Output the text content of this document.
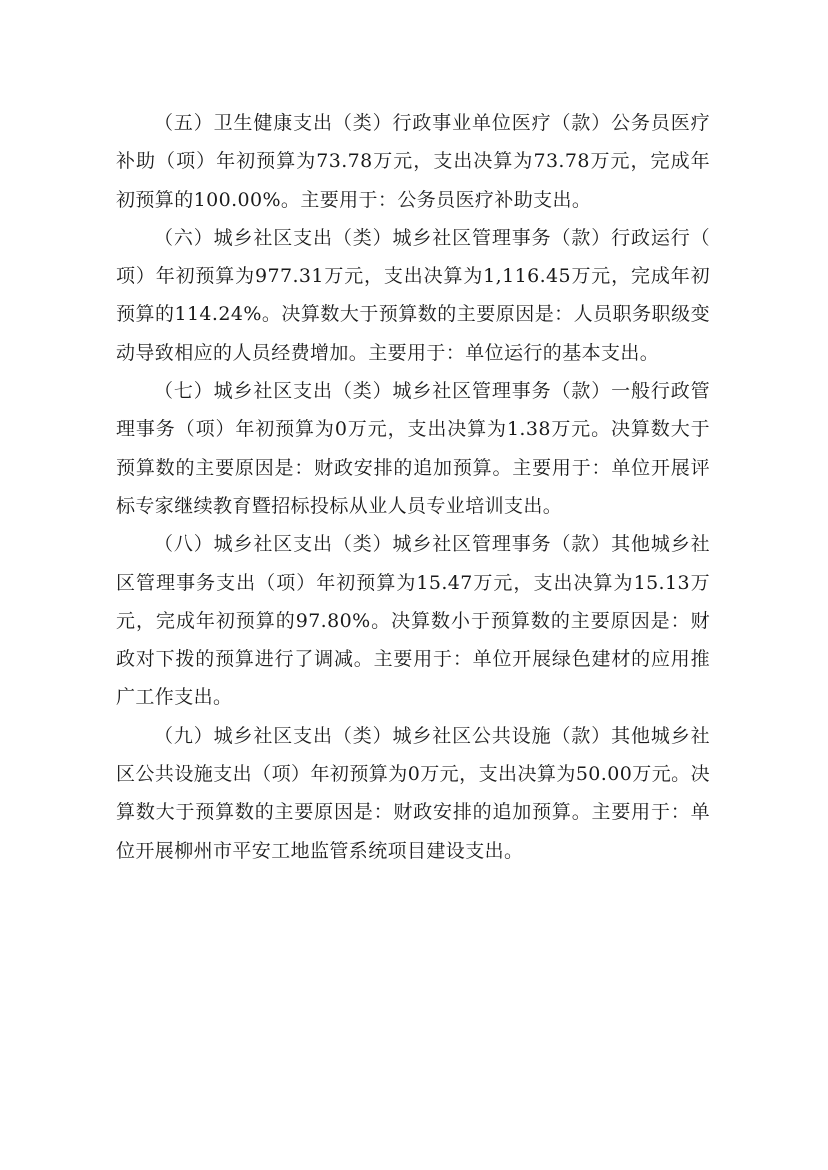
（五）卫生健康支出（类）行政事业单位医疗（款）公务员医疗补助（项）年初预算为73.78万元，支出决算为73.78万元，完成年初预算的100.00%。主要用于：公务员医疗补助支出。

（六）城乡社区支出（类）城乡社区管理事务（款）行政运行（项）年初预算为977.31万元，支出决算为1,116.45万元，完成年初预算的114.24%。决算数大于预算数的主要原因是：人员职务职级变动导致相应的人员经费增加。主要用于：单位运行的基本支出。

（七）城乡社区支出（类）城乡社区管理事务（款）一般行政管理事务（项）年初预算为0万元，支出决算为1.38万元。决算数大于预算数的主要原因是：财政安排的追加预算。主要用于：单位开展评标专家继续教育暨招标投标从业人员专业培训支出。

（八）城乡社区支出（类）城乡社区管理事务（款）其他城乡社区管理事务支出（项）年初预算为15.47万元，支出决算为15.13万元，完成年初预算的97.80%。决算数小于预算数的主要原因是：财政对下拨的预算进行了调减。主要用于：单位开展绿色建材的应用推广工作支出。

（九）城乡社区支出（类）城乡社区公共设施（款）其他城乡社区公共设施支出（项）年初预算为0万元，支出决算为50.00万元。决算数大于预算数的主要原因是：财政安排的追加预算。主要用于：单位开展柳州市平安工地监管系统项目建设支出。
